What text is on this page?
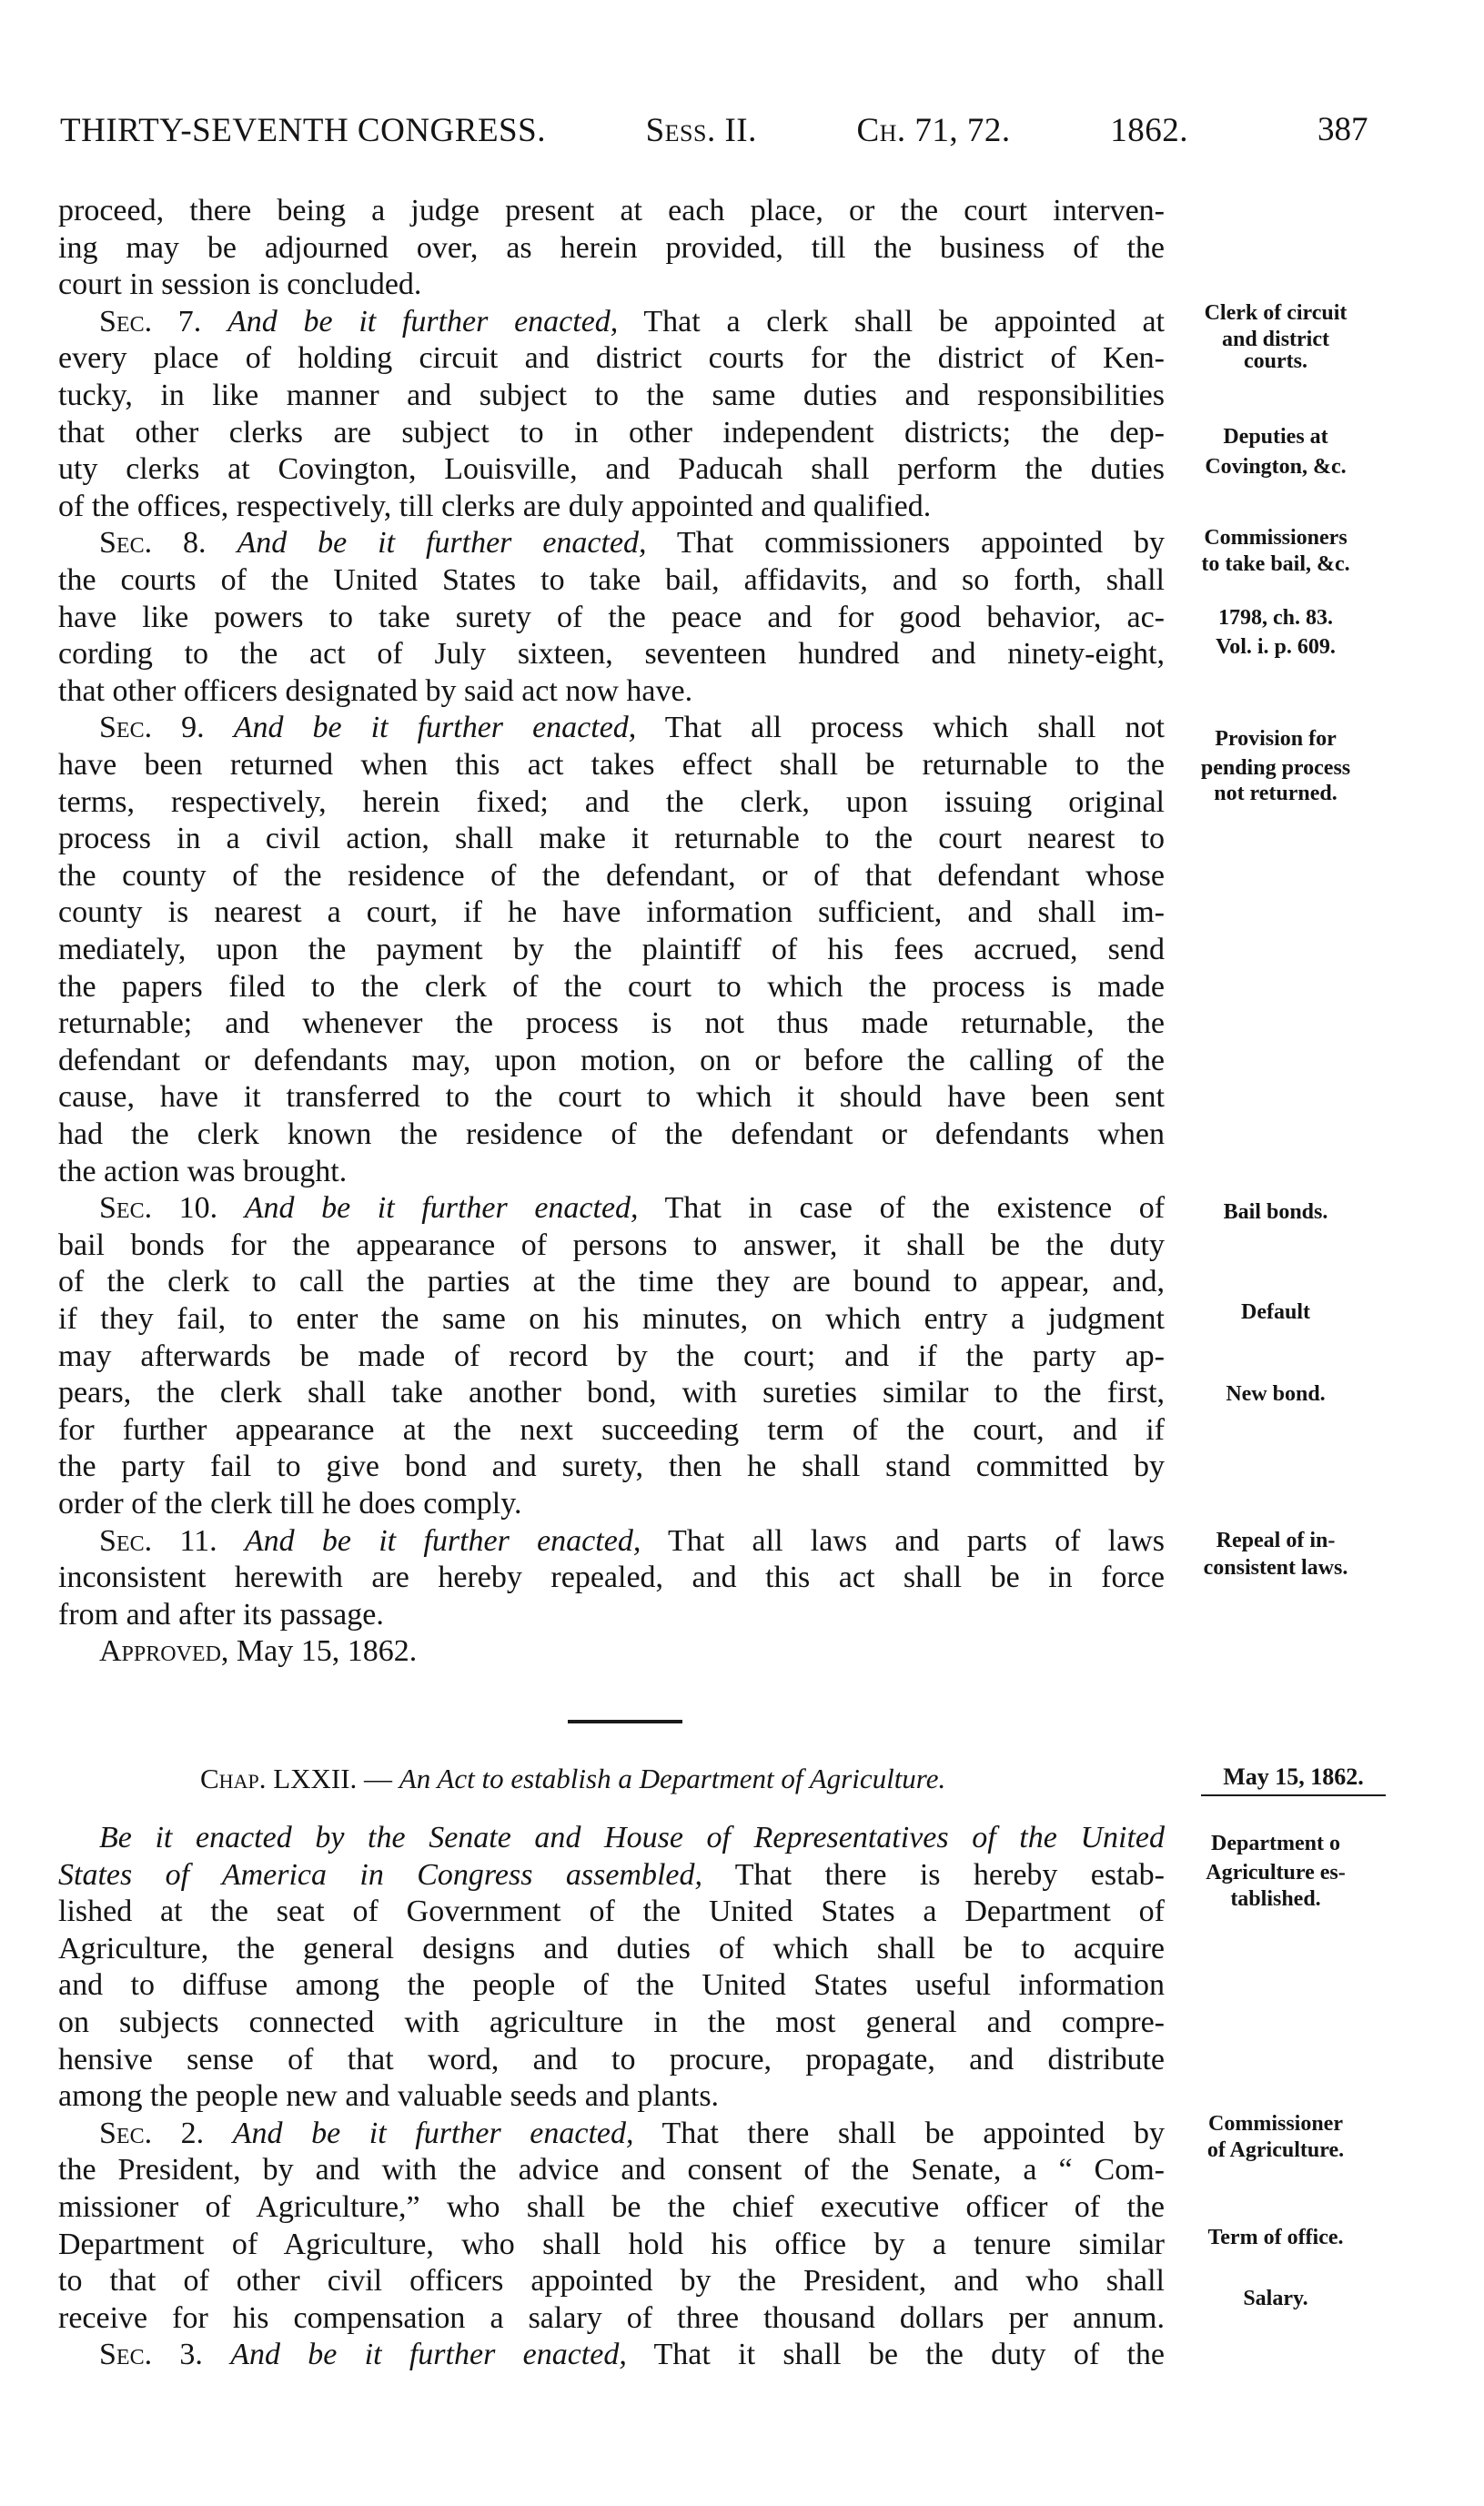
THIRTY-SEVENTH CONGRESS.	Sess. II.	Ch. 71, 72.	1862.	387
proceed, there being a judge present at each place, or the court interven-
ing may be adjourned over, as herein provided, till the business of the
court in session is concluded.
Sec. 7. And be it further enacted, That a clerk shall be appointed at
every place of holding circuit and district courts for the district of Ken-
tucky, in like manner and subject to the same duties and responsibilities
that other clerks are subject to in other independent districts; the dep-
uty clerks at Covington, Louisville, and Paducah shall perform the duties
of the offices, respectively, till clerks are duly appointed and qualified.
Sec. 8. And be it further enacted, That commissioners appointed by
the courts of the United States to take bail, affidavits, and so forth, shall
have like powers to take surety of the peace and for good behavior, ac-
cording to the act of July sixteen, seventeen hundred and ninety-eight,
that other officers designated by said act now have.
Sec. 9. And be it further enacted, That all process which shall not
have been returned when this act takes effect shall be returnable to the
terms, respectively, herein fixed; and the clerk, upon issuing original
process in a civil action, shall make it returnable to the court nearest to
the county of the residence of the defendant, or of that defendant whose
county is nearest a court, if he have information sufficient, and shall im-
mediately, upon the payment by the plaintiff of his fees accrued, send
the papers filed to the clerk of the court to which the process is made
returnable; and whenever the process is not thus made returnable, the
defendant or defendants may, upon motion, on or before the calling of the
cause, have it transferred to the court to which it should have been sent
had the clerk known the residence of the defendant or defendants when
the action was brought.
Sec. 10. And be it further enacted, That in case of the existence of
bail bonds for the appearance of persons to answer, it shall be the duty
of the clerk to call the parties at the time they are bound to appear, and,
if they fail, to enter the same on his minutes, on which entry a judgment
may afterwards be made of record by the court; and if the party ap-
pears, the clerk shall take another bond, with sureties similar to the first,
for further appearance at the next succeeding term of the court, and if
the party fail to give bond and surety, then he shall stand committed by
order of the clerk till he does comply.
Sec. 11. And be it further enacted, That all laws and parts of laws
inconsistent herewith are hereby repealed, and this act shall be in force
from and after its passage.
Approved, May 15, 1862.
Be it enacted by the Senate and House of Representatives of the United
States of America in Congress assembled, That there is hereby estab-
lished at the seat of Government of the United States a Department of
Agriculture, the general designs and duties of which shall be to acquire
and to diffuse among the people of the United States useful information
on subjects connected with agriculture in the most general and compre-
hensive sense of that word, and to procure, propagate, and distribute
among the people new and valuable seeds and plants.
Sec. 2. And be it further enacted, That there shall be appointed by
the President, by and with the advice and consent of the Senate, a “ Com-
missioner of Agriculture,” who shall be the chief executive officer of the
Department of Agriculture, who shall hold his office by a tenure similar
to that of other civil officers appointed by the President, and who shall
receive for his compensation a salary of three thousand dollars per annum.
Sec. 3. And be it further enacted, That it shall be the duty of the
Clerk of circuit
and district
courts.
Deputies at
Covington, &c.
Commissioners
to take bail, &c.
1798, ch. 83.
Vol. i. p. 609.
Provision for
pending process
not returned.
Bail bonds.
Default
New bond.
Repeal of in-
consistent laws.
Department o
Agriculture es-
tablished.
Commissioner
of Agriculture.
Term of office.
Salary.
Chap. LXXII. — An Act to establish a Department of Agriculture.	May 15, 1862.
